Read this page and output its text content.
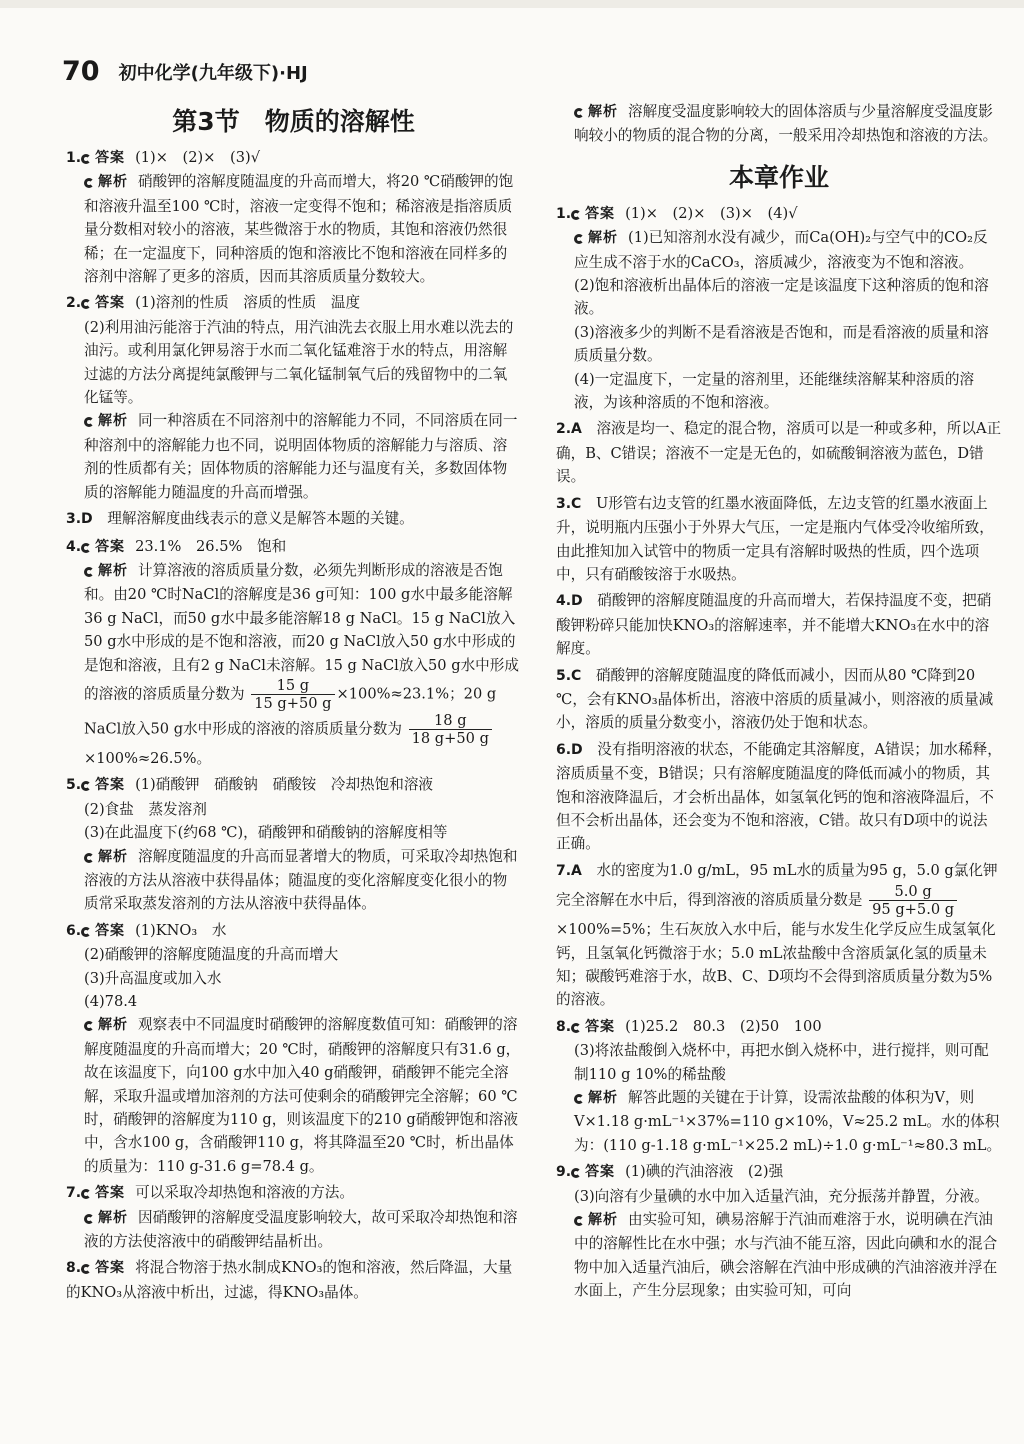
70 初中化学(九年级下)·HJ
第3节　物质的溶解性
1. 答案 (1)×　(2)×　(3)√
解析 硝酸钾的溶解度随温度的升高而增大，将20 ℃硝酸钾的饱和溶液升温至100 ℃时，溶液一定变得不饱和；稀溶液是指溶质质量分数相对较小的溶液，某些微溶于水的物质，其饱和溶液仍然很稀；在一定温度下，同种溶质的饱和溶液比不饱和溶液在同样多的溶剂中溶解了更多的溶质，因而其溶质质量分数较大。
2. 答案 (1)溶剂的性质　溶质的性质　温度
(2)利用油污能溶于汽油的特点，用汽油洗去衣服上用水难以洗去的油污。或利用氯化钾易溶于水而二氧化锰难溶于水的特点，用溶解过滤的方法分离提纯氯酸钾与二氧化锰制氧气后的残留物中的二氧化锰等。
解析 同一种溶质在不同溶剂中的溶解能力不同，不同溶质在同一种溶剂中的溶解能力也不同，说明固体物质的溶解能力与溶质、溶剂的性质都有关；固体物质的溶解能力还与温度有关，多数固体物质的溶解能力随温度的升高而增强。
3.D　 理解溶解度曲线表示的意义是解答本题的关键。
4. 答案 23.1%　26.5%　饱和
解析 计算溶液的溶质质量分数，必须先判断形成的溶液是否饱和。由20 ℃时NaCl的溶解度是36 g可知：100 g水中最多能溶解36 g NaCl，而50 g水中最多能溶解18 g NaCl。15 g NaCl放入50 g水中形成的是不饱和溶液，而20 g NaCl放入50 g水中形成的是饱和溶液，且有2 g NaCl未溶解。15 g NaCl放入50 g水中形成的溶液的溶质质量分数为 $\frac{15 g}{15 g+50 g} \times 100\%\approx 23.1\%$；20 g NaCl放入50 g水中形成的溶液的溶质质量分数为 $\frac{18 g}{18 g+50 g}$
×100%≈26.5%。
5. 答案 (1)硝酸钾　硝酸钠　硝酸铵　冷却热饱和溶液
(2)食盐　蒸发溶剂
(3)在此温度下(约68 ℃)，硝酸钾和硝酸钠的溶解度相等
解析 溶解度随温度的升高而显著增大的物质，可采取冷却热饱和溶液的方法从溶液中获得晶体；随温度的变化溶解度变化很小的物质常采取蒸发溶剂的方法从溶液中获得晶体。
6. 答案 (1)KNO₃　水
(2)硝酸钾的溶解度随温度的升高而增大
(3)升高温度或加入水
(4)78.4
解析 观察表中不同温度时硝酸钾的溶解度数值可知：硝酸钾的溶解度随温度的升高而增大；20 ℃时，硝酸钾的溶解度只有31.6 g，故在该温度下，向100 g水中加入40 g硝酸钾，硝酸钾不能完全溶解，采取升温或增加溶剂的方法可使剩余的硝酸钾完全溶解；60 ℃时，硝酸钾的溶解度为110 g，则该温度下的210 g硝酸钾饱和溶液中，含水100 g，含硝酸钾110 g，将其降温至20 ℃时，析出晶体的质量为：110 g-31.6 g=78.4 g。
7. 答案 可以采取冷却热饱和溶液的方法。
解析 因硝酸钾的溶解度受温度影响较大，故可采取冷却热饱和溶液的方法使溶液中的硝酸钾结晶析出。
8. 答案 将混合物溶于热水制成KNO₃的饱和溶液，然后降温，大量的KNO₃从溶液中析出，过滤，得KNO₃晶体。
解析 溶解度受温度影响较大的固体溶质与少量溶解度受温度影响较小的物质的混合物的分离，一般采用冷却热饱和溶液的方法。
本章作业
1. 答案 (1)×　(2)×　(3)×　(4)√
解析 (1)已知溶剂水没有减少，而Ca(OH)₂与空气中的CO₂反应生成不溶于水的CaCO₃，溶质减少，溶液变为不饱和溶液。
(2)饱和溶液析出晶体后的溶液一定是该温度下这种溶质的饱和溶液。
(3)溶液多少的判断不是看溶液是否饱和，而是看溶液的质量和溶质质量分数。
(4)一定温度下，一定量的溶剂里，还能继续溶解某种溶质的溶液，为该种溶质的不饱和溶液。
2.A　 溶液是均一、稳定的混合物，溶质可以是一种或多种，所以A正确，B、C错误；溶液不一定是无色的，如硫酸铜溶液为蓝色，D错误。
3.C　 U形管右边支管的红墨水液面降低，左边支管的红墨水液面上升，说明瓶内压强小于外界大气压，一定是瓶内气体受冷收缩所致，由此推知加入试管中的物质一定具有溶解时吸热的性质，四个选项中，只有硝酸铵溶于水吸热。
4.D　 硝酸钾的溶解度随温度的升高而增大，若保持温度不变，把硝酸钾粉碎只能加快KNO₃的溶解速率，并不能增大KNO₃在水中的溶解度。
5.C　 硝酸钾的溶解度随温度的降低而减小，因而从80 ℃降到20 ℃，会有KNO₃晶体析出，溶液中溶质的质量减小，则溶液的质量减小，溶质的质量分数变小，溶液仍处于饱和状态。
6.D　 没有指明溶液的状态，不能确定其溶解度，A错误；加水稀释，溶质质量不变，B错误；只有溶解度随温度的降低而减小的物质，其饱和溶液降温后，才会析出晶体，如氢氧化钙的饱和溶液降温后，不但不会析出晶体，还会变为不饱和溶液，C错。故只有D项中的说法正确。
7.A　 水的密度为1.0 g/mL，95 mL水的质量为95 g，5.0 g氯化钾完全溶解在水中后，得到溶液的溶质质量分数是 $\frac{5.0 g}{95 g+5.0 g}$
×100%=5%；生石灰放入水中后，能与水发生化学反应生成氢氧化钙，且氢氧化钙微溶于水；5.0 mL浓盐酸中含溶质氯化氢的质量未知；碳酸钙难溶于水，故B、C、D项均不会得到溶质质量分数为5%的溶液。
8. 答案 (1)25.2　80.3　(2)50　100
(3)将浓盐酸倒入烧杯中，再把水倒入烧杯中，进行搅拌，则可配制110 g 10%的稀盐酸
解析 解答此题的关键在于计算，设需浓盐酸的体积为V，则V×1.18 g·mL⁻¹×37%=110 g×10%，V≈25.2 mL。水的体积为：(110 g-1.18 g·mL⁻¹×25.2 mL)÷1.0 g·mL⁻¹≈80.3 mL。
9. 答案 (1)碘的汽油溶液　(2)强
(3)向溶有少量碘的水中加入适量汽油，充分振荡并静置，分液。
解析 由实验可知，碘易溶解于汽油而难溶于水，说明碘在汽油中的溶解性比在水中强；水与汽油不能互溶，因此向碘和水的混合物中加入适量汽油后，碘会溶解在汽油中形成碘的汽油溶液并浮在水面上，产生分层现象；由实验可知，可向
